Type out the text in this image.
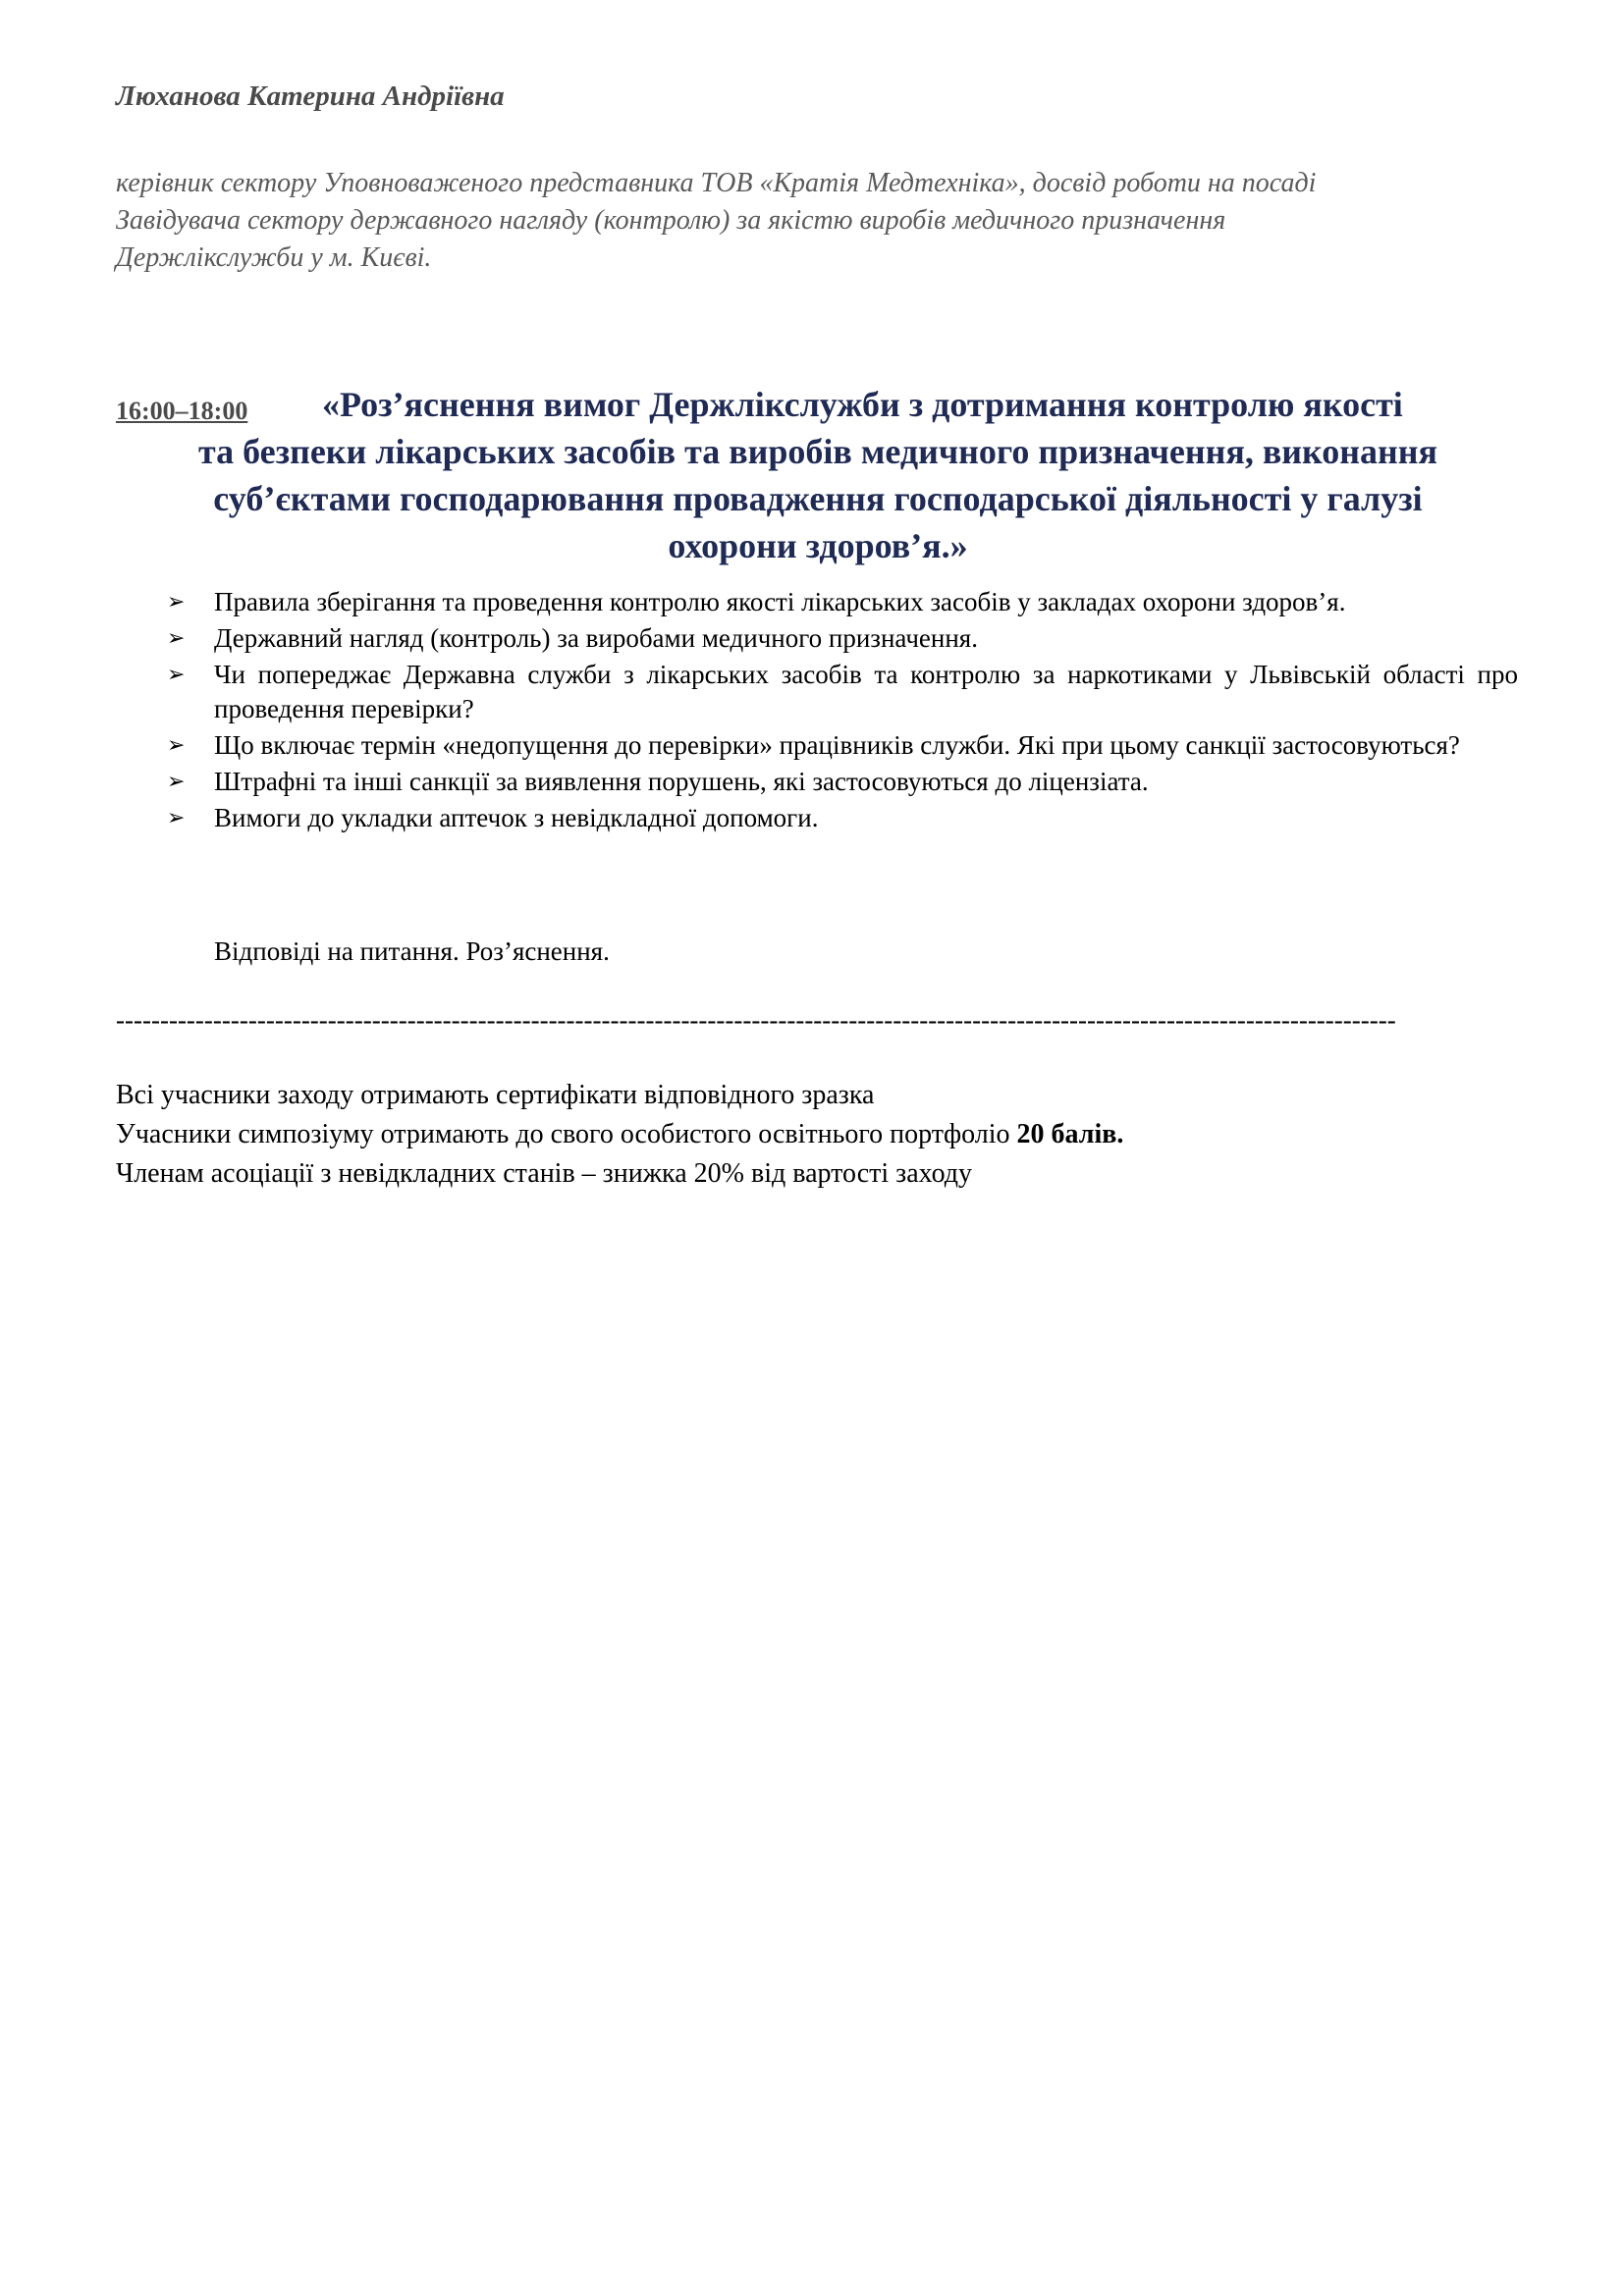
Люханова Катерина Андріївна
керівник сектору Уповноваженого представника ТОВ «Кратія Медтехніка», досвід роботи на посаді
Завідувача сектору державного нагляду (контролю) за якістю виробів медичного призначення
Держлікслужби у м. Києві.
16:00–18:00	«Роз’яснення вимог Держлікслужби з дотримання контролю якості
та безпеки лікарських засобів та виробів медичного призначення, виконання
суб’єктами господарювання провадження господарської діяльності у галузі
охорони здоров’я.»
➢ Правила зберігання та проведення контролю якості лікарських засобів у закладах охорони здоров’я.
➢ Державний нагляд (контроль) за виробами медичного призначення.
➢ Чи попереджає Державна служби з лікарських засобів та контролю за наркотиками у Львівській області про проведення перевірки?
➢ Що включає термін «недопущення до перевірки» працівників служби. Які при цьому санкції застосовуються?
➢ Штрафні та інші санкції за виявлення порушень, які застосовуються до ліцензіата.
➢ Вимоги до укладки аптечок з невідкладної допомоги.
Відповіді на питання. Роз’яснення.
-------------------------------------------------------------------------------------------------------------------------------------------------
Всі учасники заходу отримають сертифікати відповідного зразка
Учасники симпозіуму отримають до свого особистого освітнього портфоліо 20 балів.
Членам асоціації з невідкладних станів – знижка 20% від вартості заходу
